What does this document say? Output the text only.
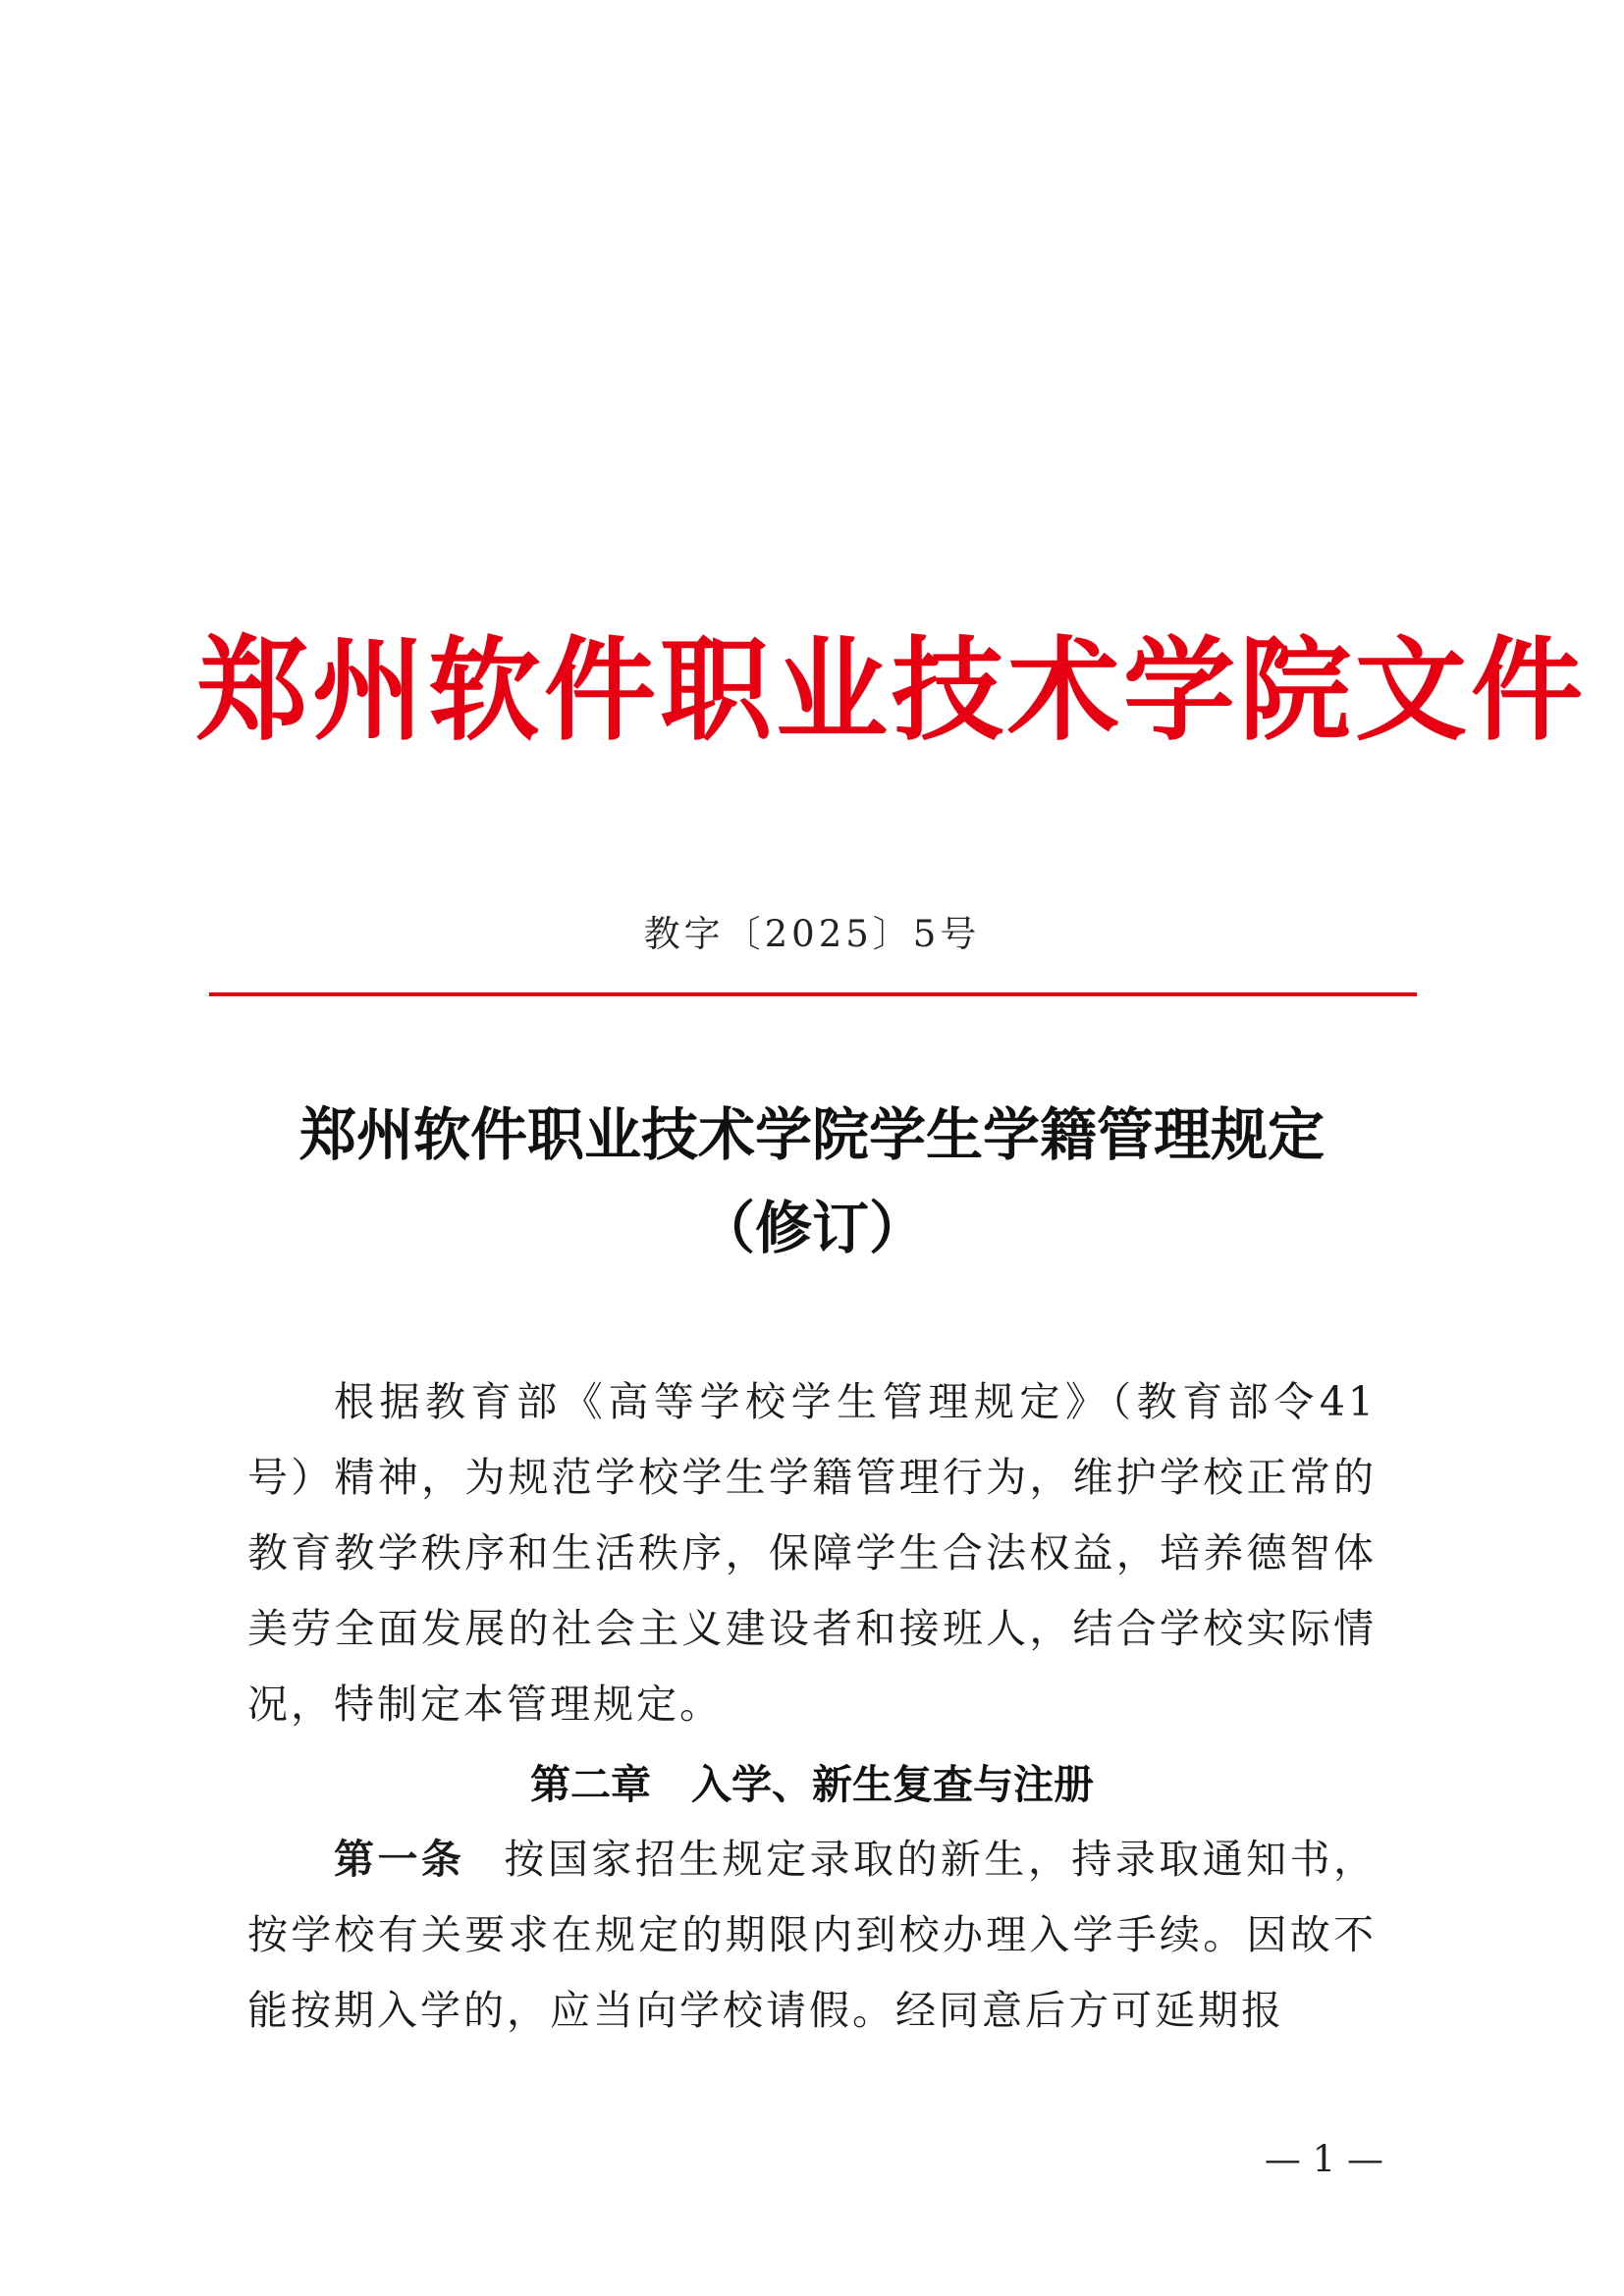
郑州软件职业技术学院文件
教字〔2025〕5号
郑州软件职业技术学院学生学籍管理规定
（修订）

根据教育部《高等学校学生管理规定》（教育部令41号）精神，为规范学校学生学籍管理行为，维护学校正常的教育教学秩序和生活秩序，保障学生合法权益，培养德智体美劳全面发展的社会主义建设者和接班人，结合学校实际情况，特制定本管理规定。

第二章　入学、新生复查与注册

第一条 按国家招生规定录取的新生，持录取通知书，按学校有关要求在规定的期限内到校办理入学手续。因故不能按期入学的，应当向学校请假。经同意后方可延期报

— 1 —
